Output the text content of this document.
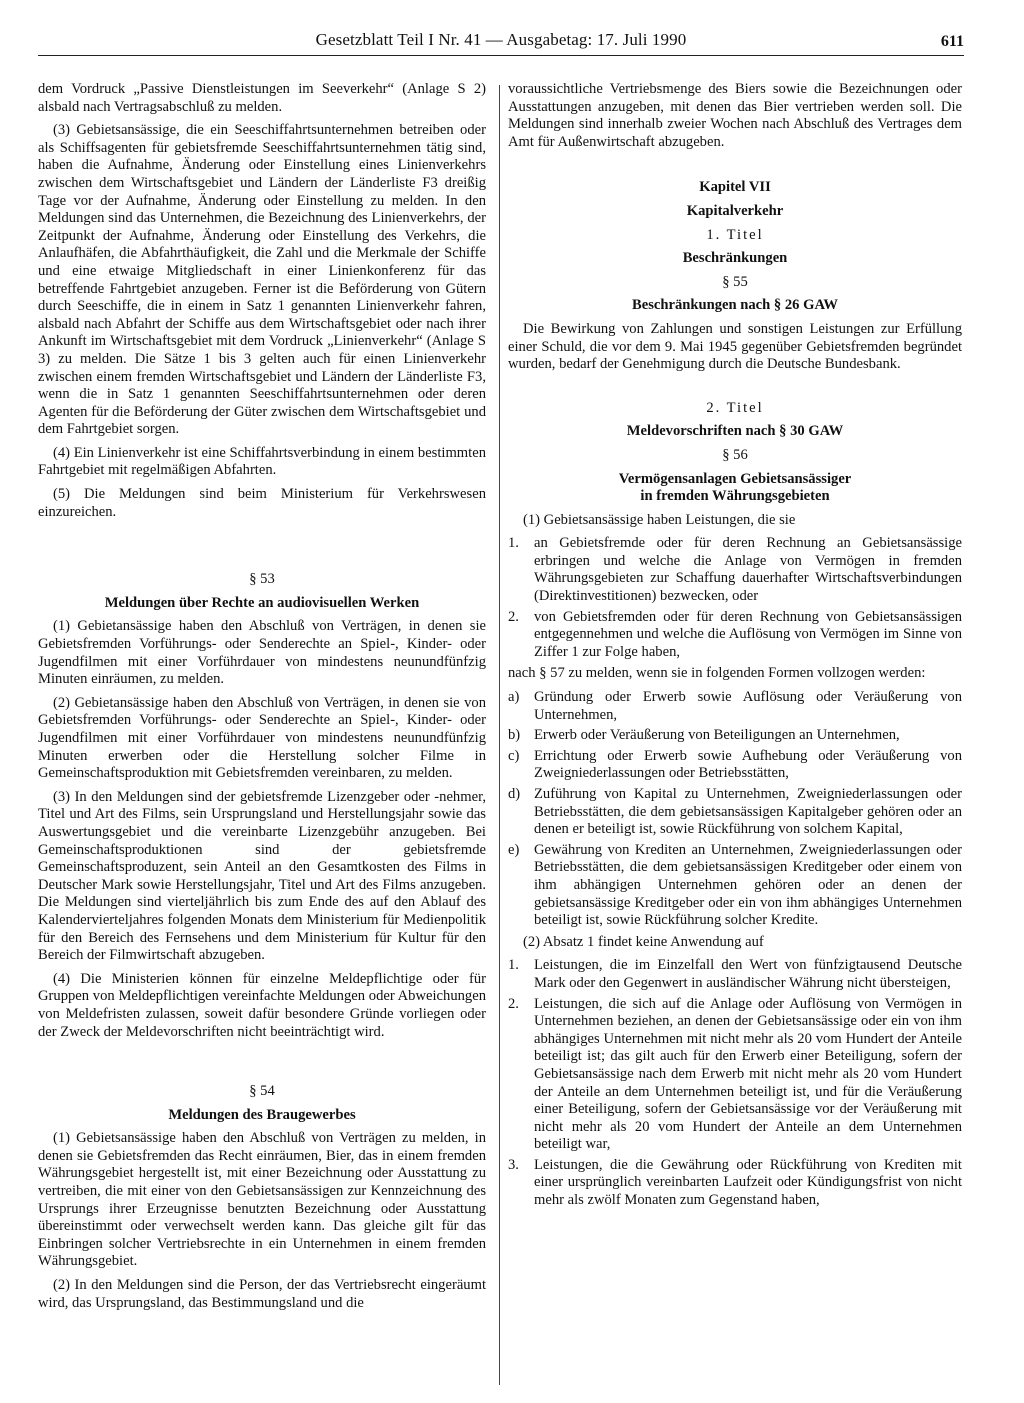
Gesetzblatt Teil I Nr. 41 — Ausgabetag: 17. Juli 1990	611

dem Vordruck „Passive Dienstleistungen im Seeverkehr“ (Anlage S 2) alsbald nach Vertragsabschluß zu melden.

(3) Gebietsansässige, die ein Seeschiffahrtsunternehmen betreiben oder als Schiffsagenten für gebietsfremde Seeschiffahrtsunternehmen tätig sind, haben die Aufnahme, Änderung oder Einstellung eines Linienverkehrs zwischen dem Wirtschaftsgebiet und Ländern der Länderliste F3 dreißig Tage vor der Aufnahme, Änderung oder Einstellung zu melden. In den Meldungen sind das Unternehmen, die Bezeichnung des Linienverkehrs, der Zeitpunkt der Aufnahme, Änderung oder Einstellung des Verkehrs, die Anlaufhäfen, die Abfahrthäufigkeit, die Zahl und die Merkmale der Schiffe und eine etwaige Mitgliedschaft in einer Linienkonferenz für das betreffende Fahrtgebiet anzugeben. Ferner ist die Beförderung von Gütern durch Seeschiffe, die in einem in Satz 1 genannten Linienverkehr fahren, alsbald nach Abfahrt der Schiffe aus dem Wirtschaftsgebiet oder nach ihrer Ankunft im Wirtschaftsgebiet mit dem Vordruck „Linienverkehr“ (Anlage S 3) zu melden. Die Sätze 1 bis 3 gelten auch für einen Linienverkehr zwischen einem fremden Wirtschaftsgebiet und Ländern der Länderliste F3, wenn die in Satz 1 genannten Seeschiffahrtsunternehmen oder deren Agenten für die Beförderung der Güter zwischen dem Wirtschaftsgebiet und dem Fahrtgebiet sorgen.

(4) Ein Linienverkehr ist eine Schiffahrtsverbindung in einem bestimmten Fahrtgebiet mit regelmäßigen Abfahrten.

(5) Die Meldungen sind beim Ministerium für Verkehrswesen einzureichen.

§ 53
Meldungen über Rechte an audiovisuellen Werken

(1) Gebietansässige haben den Abschluß von Verträgen, in denen sie Gebietsfremden Vorführungs- oder Senderechte an Spiel-, Kinder- oder Jugendfilmen mit einer Vorführdauer von mindestens neunundfünfzig Minuten einräumen, zu melden.

(2) Gebietansässige haben den Abschluß von Verträgen, in denen sie von Gebietsfremden Vorführungs- oder Senderechte an Spiel-, Kinder- oder Jugendfilmen mit einer Vorführdauer von mindestens neunundfünfzig Minuten erwerben oder die Herstellung solcher Filme in Gemeinschaftsproduktion mit Gebietsfremden vereinbaren, zu melden.

(3) In den Meldungen sind der gebietsfremde Lizenzgeber oder -nehmer, Titel und Art des Films, sein Ursprungsland und Herstellungsjahr sowie das Auswertungsgebiet und die vereinbarte Lizenzgebühr anzugeben. Bei Gemeinschaftsproduktionen sind der gebietsfremde Gemeinschaftsproduzent, sein Anteil an den Gesamtkosten des Films in Deutscher Mark sowie Herstellungsjahr, Titel und Art des Films anzugeben. Die Meldungen sind vierteljährlich bis zum Ende des auf den Ablauf des Kalendervierteljahres folgenden Monats dem Ministerium für Medienpolitik für den Bereich des Fernsehens und dem Ministerium für Kultur für den Bereich der Filmwirtschaft abzugeben.

(4) Die Ministerien können für einzelne Meldepflichtige oder für Gruppen von Meldepflichtigen vereinfachte Meldungen oder Abweichungen von Meldefristen zulassen, soweit dafür besondere Gründe vorliegen oder der Zweck der Meldevorschriften nicht beeinträchtigt wird.

§ 54
Meldungen des Braugewerbes

(1) Gebietsansässige haben den Abschluß von Verträgen zu melden, in denen sie Gebietsfremden das Recht einräumen, Bier, das in einem fremden Währungsgebiet hergestellt ist, mit einer Bezeichnung oder Ausstattung zu vertreiben, die mit einer von den Gebietsansässigen zur Kennzeichnung des Ursprungs ihrer Erzeugnisse benutzten Bezeichnung oder Ausstattung übereinstimmt oder verwechselt werden kann. Das gleiche gilt für das Einbringen solcher Vertriebsrechte in ein Unternehmen in einem fremden Währungsgebiet.

(2) In den Meldungen sind die Person, der das Vertriebsrecht eingeräumt wird, das Ursprungsland, das Bestimmungsland und die

voraussichtliche Vertriebsmenge des Biers sowie die Bezeichnungen oder Ausstattungen anzugeben, mit denen das Bier vertrieben werden soll. Die Meldungen sind innerhalb zweier Wochen nach Abschluß des Vertrages dem Amt für Außenwirtschaft abzugeben.

Kapitel VII
Kapitalverkehr
1. Titel
Beschränkungen
§ 55
Beschränkungen nach § 26 GAW

Die Bewirkung von Zahlungen und sonstigen Leistungen zur Erfüllung einer Schuld, die vor dem 9. Mai 1945 gegenüber Gebietsfremden begründet wurden, bedarf der Genehmigung durch die Deutsche Bundesbank.

2. Titel
Meldevorschriften nach § 30 GAW
§ 56
Vermögensanlagen Gebietsansässiger
in fremden Währungsgebieten

(1) Gebietsansässige haben Leistungen, die sie

1.	an Gebietsfremde oder für deren Rechnung an Gebietsansässige erbringen und welche die Anlage von Vermögen in fremden Währungsgebieten zur Schaffung dauerhafter Wirtschaftsverbindungen (Direktinvestitionen) bezwecken, oder
2.	von Gebietsfremden oder für deren Rechnung von Gebietsansässigen entgegennehmen und welche die Auflösung von Vermögen im Sinne von Ziffer 1 zur Folge haben,

nach § 57 zu melden, wenn sie in folgenden Formen vollzogen werden:

a)	Gründung oder Erwerb sowie Auflösung oder Veräußerung von Unternehmen,
b) Erwerb oder Veräußerung von Beteiligungen an Unternehmen,
c)	Errichtung oder Erwerb sowie Aufhebung oder Veräußerung von Zweigniederlassungen oder Betriebsstätten,
d) Zuführung von Kapital zu Unternehmen, Zweigniederlassungen oder Betriebsstätten, die dem gebietsansässigen Kapitalgeber gehören oder an denen er beteiligt ist, sowie Rückführung von solchem Kapital,
e)	Gewährung von Krediten an Unternehmen, Zweigniederlassungen oder Betriebsstätten, die dem gebietsansässigen Kreditgeber oder einem von ihm abhängigen Unternehmen gehören oder an denen der gebietsansässige Kreditgeber oder ein von ihm abhängiges Unternehmen beteiligt ist, sowie Rückführung solcher Kredite.

(2) Absatz 1 findet keine Anwendung auf

1.	Leistungen, die im Einzelfall den Wert von fünfzigtausend Deutsche Mark oder den Gegenwert in ausländischer Währung nicht übersteigen,
2.	Leistungen, die sich auf die Anlage oder Auflösung von Vermögen in Unternehmen beziehen, an denen der Gebietsansässige oder ein von ihm abhängiges Unternehmen mit nicht mehr als 20 vom Hundert der Anteile beteiligt ist; das gilt auch für den Erwerb einer Beteiligung, sofern der Gebietsansässige nach dem Erwerb mit nicht mehr als 20 vom Hundert der Anteile an dem Unternehmen beteiligt ist, und für die Veräußerung einer Beteiligung, sofern der Gebietsansässige vor der Veräußerung mit nicht mehr als 20 vom Hundert der Anteile an dem Unternehmen beteiligt war,
3.	Leistungen, die die Gewährung oder Rückführung von Krediten mit einer ursprünglich vereinbarten Laufzeit oder Kündigungsfrist von nicht mehr als zwölf Monaten zum Gegenstand haben,
